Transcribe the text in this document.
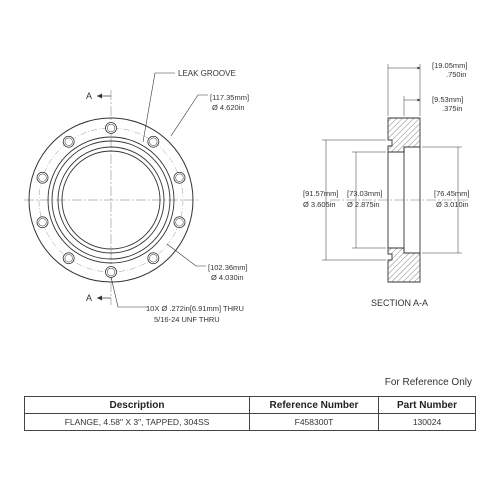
A
A
LEAK GROOVE
[117.35mm]
Ø 4.620in
[102.36mm]
Ø 4.030in
10X Ø .272in[6.91mm] THRU
5/16-24 UNF THRU
[19.05mm]
.750in
[9.53mm]
.375in
[91.57mm]
Ø 3.605in
[73.03mm]
Ø 2.875in
[76.45mm]
Ø 3.010in
SECTION A-A
For Reference Only
Description	Reference Number	Part Number
FLANGE, 4.58" X 3", TAPPED, 304SS	F458300T	130024
